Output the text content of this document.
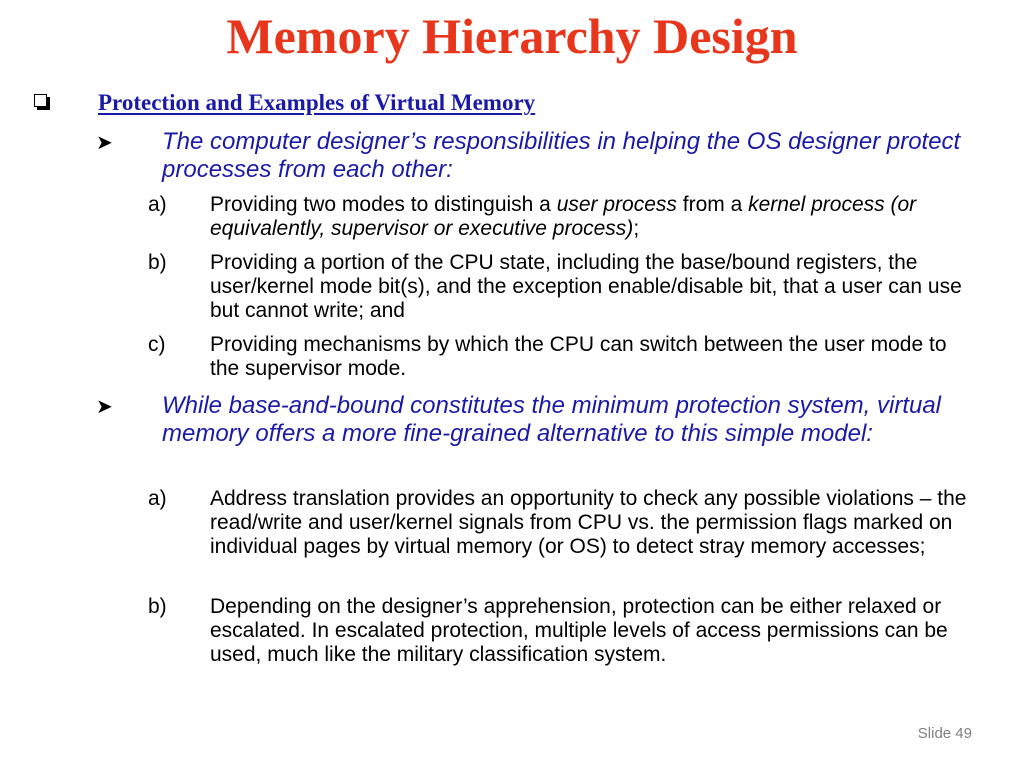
Memory Hierarchy Design
Protection and Examples of Virtual Memory
➤ The computer designer’s responsibilities in helping the OS designer protect processes from each other:
a)	Providing two modes to distinguish a user process from a kernel process (or equivalently, supervisor or executive process);
b)	Providing a portion of the CPU state, including the base/bound registers, the user/kernel mode bit(s), and the exception enable/disable bit, that a user can use but cannot write; and
c)	Providing mechanisms by which the CPU can switch between the user mode to the supervisor mode.
➤ While base-and-bound constitutes the minimum protection system, virtual memory offers a more fine-grained alternative to this simple model:
a)	Address translation provides an opportunity to check any possible violations – the read/write and user/kernel signals from CPU vs. the permission flags marked on individual pages by virtual memory (or OS) to detect stray memory accesses;
b)	Depending on the designer’s apprehension, protection can be either relaxed or escalated. In escalated protection, multiple levels of access permissions can be used, much like the military classification system.
Slide 49
